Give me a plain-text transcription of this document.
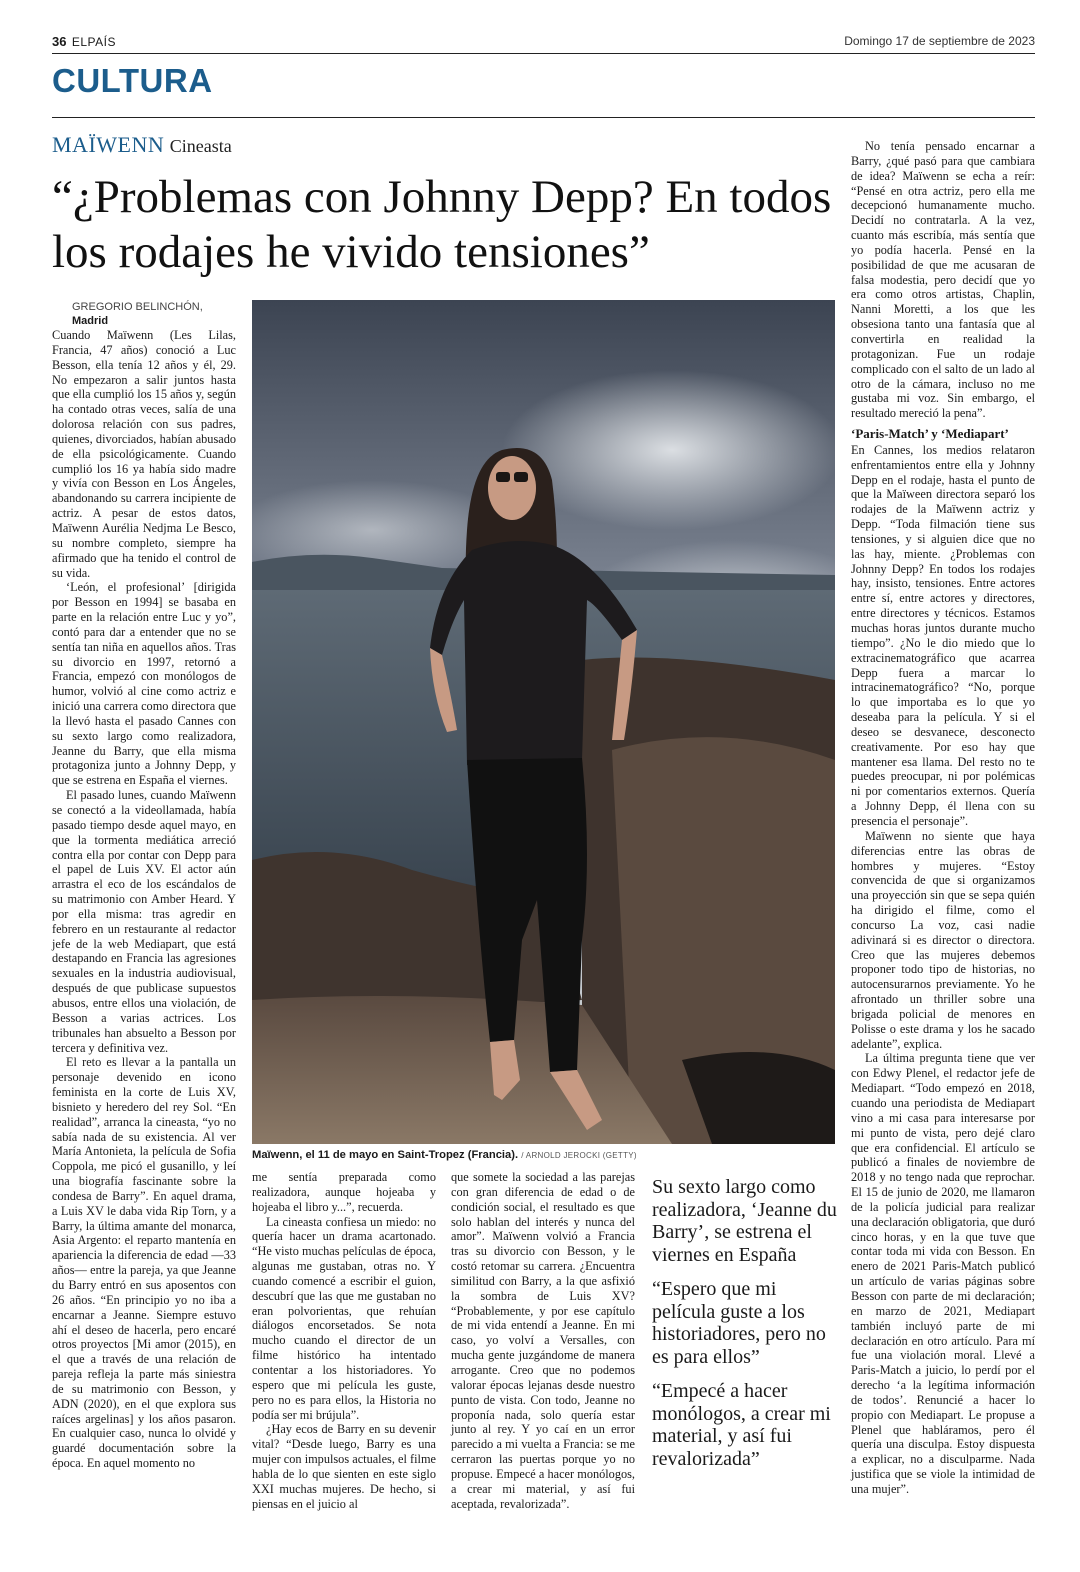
36 ELPAÍS	Domingo 17 de septiembre de 2023
CULTURA
MAÏWENN Cineasta
“¿Problemas con Johnny Depp? En todos los rodajes he vivido tensiones”
GREGORIO BELINCHÓN, Madrid

Cuando Maïwenn (Les Lilas, Francia, 47 años) conoció a Luc Besson, ella tenía 12 años y él, 29. No empezaron a salir juntos hasta que ella cumplió los 15 años y, según ha contado otras veces, salía de una dolorosa relación con sus padres, quienes, divorciados, habían abusado de ella psicológicamente. Cuando cumplió los 16 ya había sido madre y vivía con Besson en Los Ángeles, abandonando su carrera incipiente de actriz. A pesar de estos datos, Maïwenn Aurélia Nedjma Le Besco, su nombre completo, siempre ha afirmado que ha tenido el control de su vida.

‘León, el profesional’ [dirigida por Besson en 1994] se basaba en parte en la relación entre Luc y yo”, contó para dar a entender que no se sentía tan niña en aquellos años. Tras su divorcio en 1997, retornó a Francia, empezó con monólogos de humor, volvió al cine como actriz e inició una carrera como directora que la llevó hasta el pasado Cannes con su sexto largo como realizadora, Jeanne du Barry, que ella misma protagoniza junto a Johnny Depp, y que se estrena en España el viernes.

El pasado lunes, cuando Maïwenn se conectó a la videollamada, había pasado tiempo desde aquel mayo, en que la tormenta mediática arreció contra ella por contar con Depp para el papel de Luis XV. El actor aún arrastra el eco de los escándalos de su matrimonio con Amber Heard. Y por ella misma: tras agredir en febrero en un restaurante al redactor jefe de la web Mediapart, que está destapando en Francia las agresiones sexuales en la industria audiovisual, después de que publicase supuestos abusos, entre ellos una violación, de Besson a varias actrices. Los tribunales han absuelto a Besson por tercera y definitiva vez.

El reto es llevar a la pantalla un personaje devenido en icono feminista en la corte de Luis XV, bisnieto y heredero del rey Sol. “En realidad”, arranca la cineasta, “yo no sabía nada de su existencia. Al ver María Antonieta, la película de Sofia Coppola, me picó el gusanillo, y leí una biografía fascinante sobre la condesa de Barry”. En aquel drama, a Luis XV le daba vida Rip Torn, y a Barry, la última amante del monarca, Asia Argento: el reparto mantenía en apariencia la diferencia de edad —33 años— entre la pareja, ya que Jeanne du Barry entró en sus aposentos con 26 años. “En principio yo no iba a encarnar a Jeanne. Siempre estuvo ahí el deseo de hacerla, pero encaré otros proyectos [Mi amor (2015), en el que a través de una relación de pareja refleja la parte más siniestra de su matrimonio con Besson, y ADN (2020), en el que explora sus raíces argelinas] y los años pasaron. En cualquier caso, nunca lo olvidé y guardé documentación sobre la época. En aquel momento no

Maïwenn, el 11 de mayo en Saint-Tropez (Francia). / ARNOLD JEROCKI (GETTY)

me sentía preparada como realizadora, aunque hojeaba y hojeaba el libro y...”, recuerda.

La cineasta confiesa un miedo: no quería hacer un drama acartonado. “He visto muchas películas de época, algunas me gustaban, otras no. Y cuando comencé a escribir el guion, descubrí que las que me gustaban no eran polvorientas, que rehuían diálogos encorsetados. Se nota mucho cuando el director de un filme histórico ha intentado contentar a los historiadores. Yo espero que mi película les guste, pero no es para ellos, la Historia no podía ser mi brújula”.

¿Hay ecos de Barry en su devenir vital? “Desde luego, Barry es una mujer con impulsos actuales, el filme habla de lo que sienten en este siglo XXI muchas mujeres. De hecho, si piensas en el juicio al

que somete la sociedad a las parejas con gran diferencia de edad o de condición social, el resultado es que solo hablan del interés y nunca del amor”. Maïwenn volvió a Francia tras su divorcio con Besson, y le costó retomar su carrera. ¿Encuentra similitud con Barry, a la que asfixió la sombra de Luis XV? “Probablemente, y por ese capítulo de mi vida entendí a Jeanne. En mi caso, yo volví a Versalles, con mucha gente juzgándome de manera arrogante. Creo que no podemos valorar épocas lejanas desde nuestro punto de vista. Con todo, Jeanne no proponía nada, solo quería estar junto al rey. Y yo caí en un error parecido a mi vuelta a Francia: se me cerraron las puertas porque yo no propuse. Empecé a hacer monólogos, a crear mi material, y así fui aceptada, revalorizada”.

Su sexto largo como realizadora, ‘Jeanne du Barry’, se estrena el viernes en España

“Espero que mi película guste a los historiadores, pero no es para ellos”

“Empecé a hacer monólogos, a crear mi material, y así fui revalorizada”

No tenía pensado encarnar a Barry, ¿qué pasó para que cambiara de idea? Maïwenn se echa a reír: “Pensé en otra actriz, pero ella me decepcionó humanamente mucho. Decidí no contratarla. A la vez, cuanto más escribía, más sentía que yo podía hacerla. Pensé en la posibilidad de que me acusaran de falsa modestia, pero decidí que yo era como otros artistas, Chaplin, Nanni Moretti, a los que les obsesiona tanto una fantasía que al convertirla en realidad la protagonizan. Fue un rodaje complicado con el salto de un lado al otro de la cámara, incluso no me gustaba mi voz. Sin embargo, el resultado mereció la pena”.

‘Paris-Match’ y ‘Mediapart’

En Cannes, los medios relataron enfrentamientos entre ella y Johnny Depp en el rodaje, hasta el punto de que la Maïween directora separó los rodajes de la Maïwenn actriz y Depp. “Toda filmación tiene sus tensiones, y si alguien dice que no las hay, miente. ¿Problemas con Johnny Depp? En todos los rodajes hay, insisto, tensiones. Entre actores entre sí, entre actores y directores, entre directores y técnicos. Estamos muchas horas juntos durante mucho tiempo”. ¿No le dio miedo que lo extracinematográfico que acarrea Depp fuera a marcar lo intracinematográfico? “No, porque lo que importaba es lo que yo deseaba para la película. Y si el deseo se desvanece, desconecto creativamente. Por eso hay que mantener esa llama. Del resto no te puedes preocupar, ni por polémicas ni por comentarios externos. Quería a Johnny Depp, él llena con su presencia el personaje”.

Maïwenn no siente que haya diferencias entre las obras de hombres y mujeres. “Estoy convencida de que si organizamos una proyección sin que se sepa quién ha dirigido el filme, como el concurso La voz, casi nadie adivinará si es director o directora. Creo que las mujeres debemos proponer todo tipo de historias, no autocensurarnos previamente. Yo he afrontado un thriller sobre una brigada policial de menores en Polisse o este drama y los he sacado adelante”, explica.

La última pregunta tiene que ver con Edwy Plenel, el redactor jefe de Mediapart. “Todo empezó en 2018, cuando una periodista de Mediapart vino a mi casa para interesarse por mi punto de vista, pero dejé claro que era confidencial. El artículo se publicó a finales de noviembre de 2018 y no tengo nada que reprochar. El 15 de junio de 2020, me llamaron de la policía judicial para realizar una declaración obligatoria, que duró cinco horas, y en la que tuve que contar toda mi vida con Besson. En enero de 2021 Paris-Match publicó un artículo de varias páginas sobre Besson con parte de mi declaración; en marzo de 2021, Mediapart también incluyó parte de mi declaración en otro artículo. Para mí fue una violación moral. Llevé a Paris-Match a juicio, lo perdí por el derecho ‘a la legítima información de todos’. Renuncié a hacer lo propio con Mediapart. Le propuse a Plenel que habláramos, pero él quería una disculpa. Estoy dispuesta a explicar, no a disculparme. Nada justifica que se viole la intimidad de una mujer”.
